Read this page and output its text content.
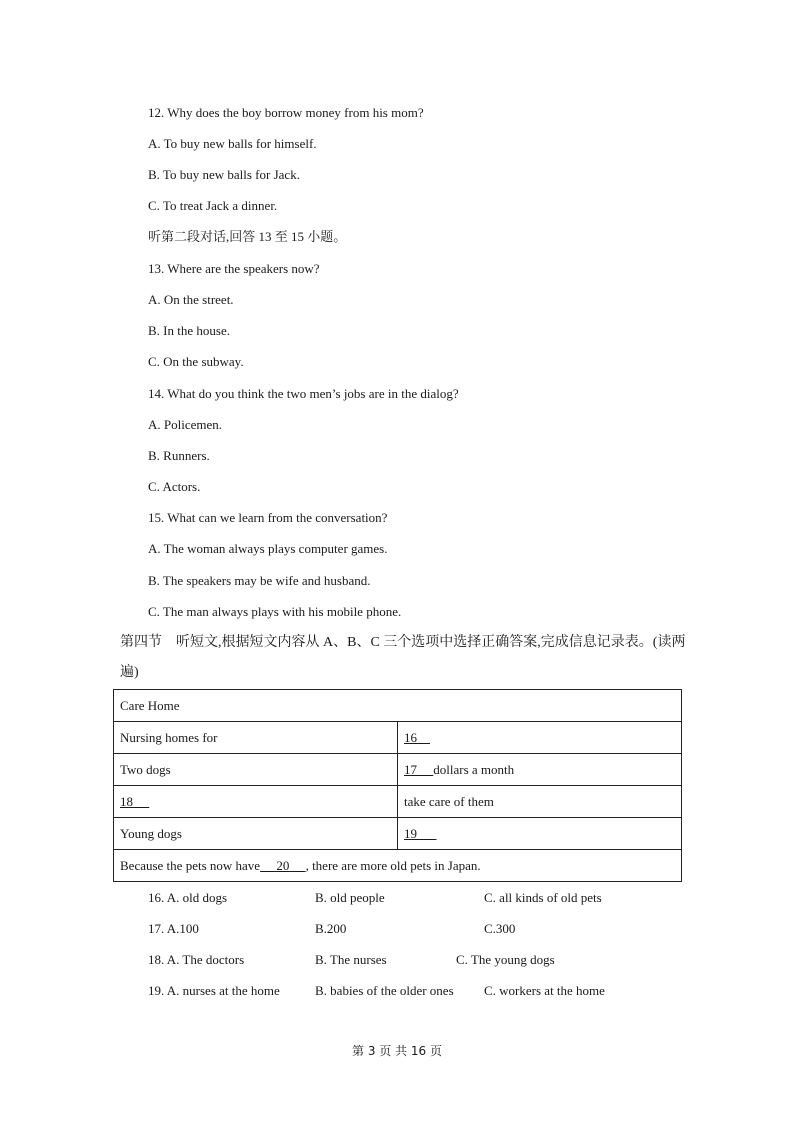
12. Why does the boy borrow money from his mom?
A. To buy new balls for himself.
B. To buy new balls for Jack.
C. To treat Jack a dinner.
听第二段对话,回答 13 至 15 小题。
13. Where are the speakers now?
A. On the street.
B. In the house.
C. On the subway.
14. What do you think the two men’s jobs are in the dialog?
A. Policemen.
B. Runners.
C. Actors.
15. What can we learn from the conversation?
A. The woman always plays computer games.
B. The speakers may be wife and husband.
C. The man always plays with his mobile phone.
第四节　听短文,根据短文内容从 A、B、C 三个选项中选择正确答案,完成信息记录表。(读两遍)
Care Home	
Nursing homes for	16
Two dogs	17 dollars a month
18	take care of them
Young dogs	19
Because the pets now have 20 , there are more old pets in Japan.	
16. A. old dogs	B. old people	C. all kinds of old pets
17. A.100	B.200	C.300
18. A. The doctors	B. The nurses	C. The young dogs
19. A. nurses at the home	B. babies of the older ones C. workers at the home
第 3 页 共 16 页
